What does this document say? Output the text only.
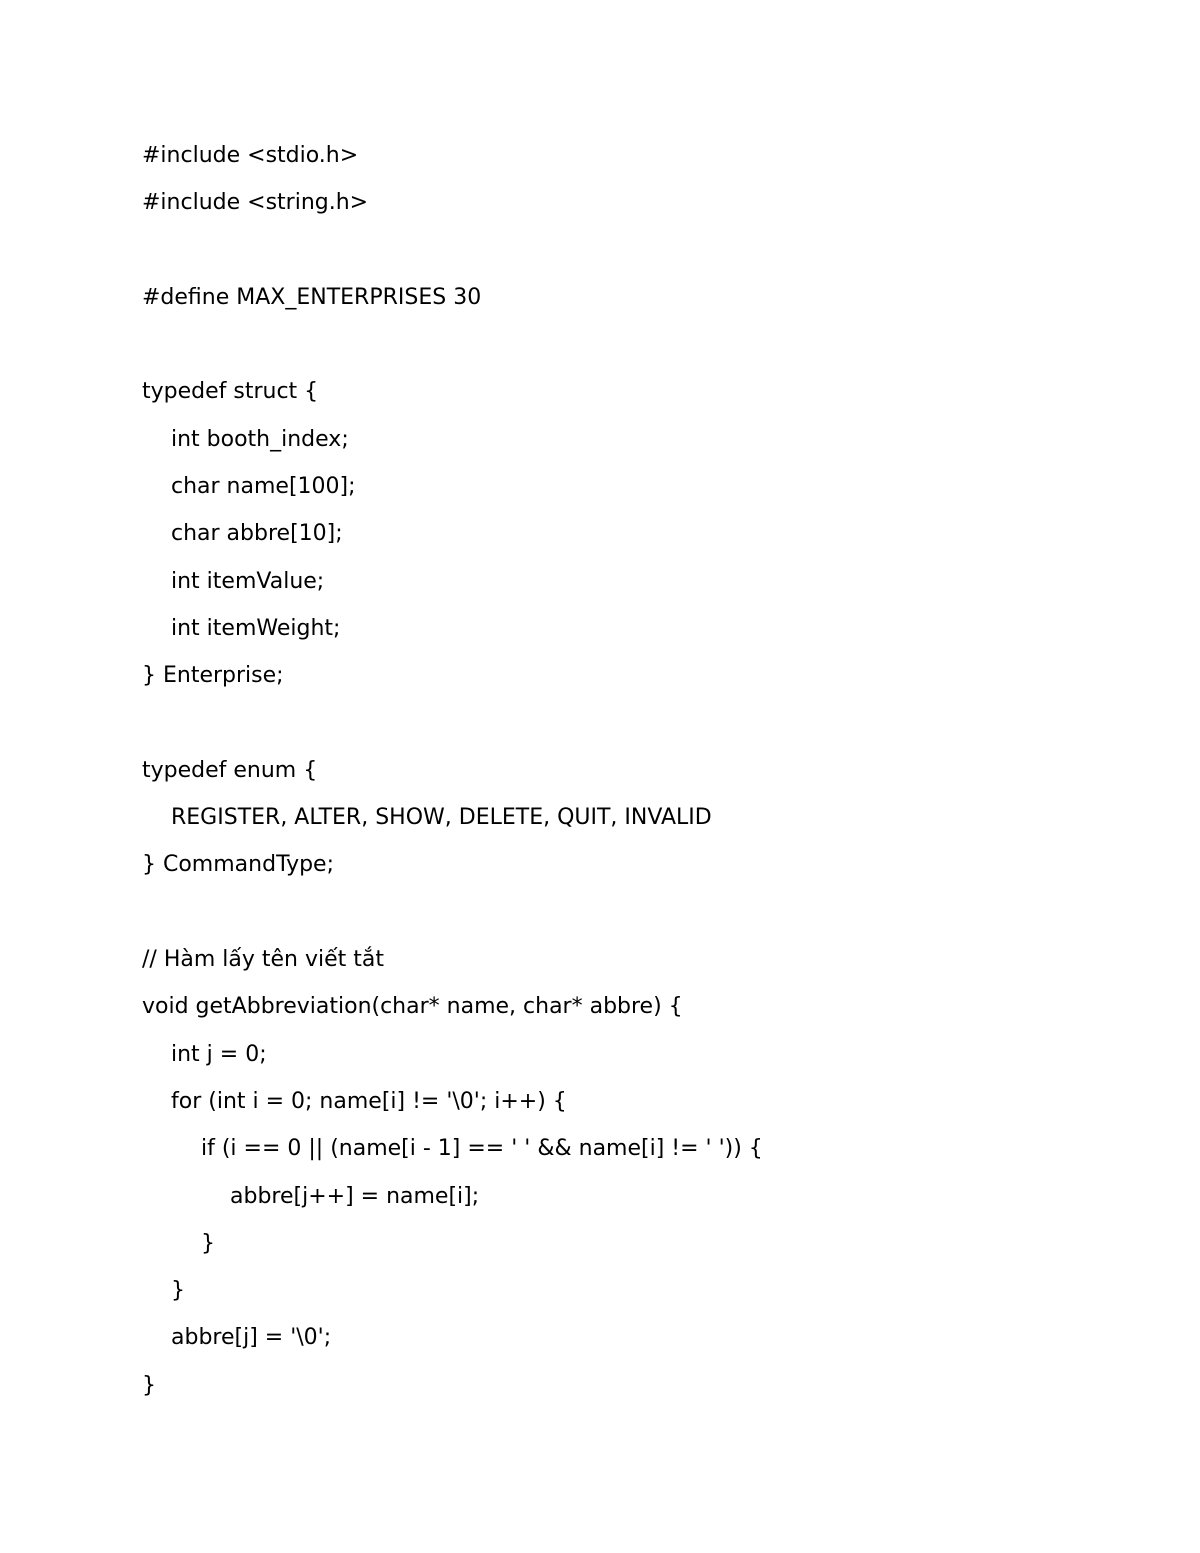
#include <stdio.h>
#include <string.h>
#define MAX_ENTERPRISES 30
typedef struct {
int booth_index;
char name[100];
char abbre[10];
int itemValue;
int itemWeight;
} Enterprise;
typedef enum {
REGISTER, ALTER, SHOW, DELETE, QUIT, INVALID
} CommandType;
// Hàm lấy tên viết tắt
void getAbbreviation(char* name, char* abbre) {
int j = 0;
for (int i = 0; name[i] != '\0'; i++) {
if (i == 0 || (name[i - 1] == ' ' && name[i] != ' ')) {
abbre[j++] = name[i];
}
}
abbre[j] = '\0';
}
